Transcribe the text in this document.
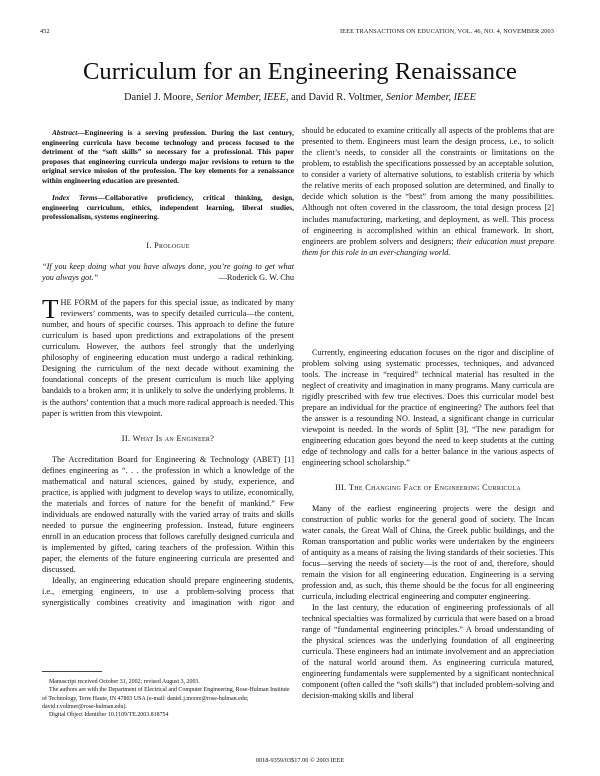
452	IEEE TRANSACTIONS ON EDUCATION, VOL. 46, NO. 4, NOVEMBER 2003
Curriculum for an Engineering Renaissance
Daniel J. Moore, Senior Member, IEEE, and David R. Voltmer, Senior Member, IEEE

Abstract—Engineering is a serving profession. During the last century, engineering curricula have become technology and process focused to the detriment of the “soft skills” so necessary for a professional. This paper proposes that engineering curricula undergo major revisions to return to the original service mission of the profession. The key elements for a renaissance within engineering education are presented.

Index Terms—Collaborative proficiency, critical thinking, design, engineering curriculum, ethics, independent learning, liberal studies, professionalism, systems engineering.

I. Prologue

“If you keep doing what you have always done, you’re going to get what you always got.”	—Roderick G. W. Chu

THE FORM of the papers for this special issue, as indicated by many reviewers’ comments, was to specify detailed curricula—the content, number, and hours of specific courses. This approach to define the future curriculum is based upon predictions and extrapolations of the present curriculum. However, the authors feel strongly that the underlying philosophy of engineering education must undergo a radical rethinking. Designing the curriculum of the next decade without examining the foundational concepts of the present curriculum is much like applying bandaids to a broken arm; it is unlikely to solve the underlying problems. It is the authors’ contention that a much more radical approach is needed. This paper is written from this viewpoint.

II. What Is an Engineer?

The Accreditation Board for Engineering & Technology (ABET) [1] defines engineering as “. . . the profession in which a knowledge of the mathematical and natural sciences, gained by study, experience, and practice, is applied with judgment to develop ways to utilize, economically, the materials and forces of nature for the benefit of mankind.” Few individuals are endowed naturally with the varied array of traits and skills needed to pursue the engineering profession. Instead, future engineers enroll in an education process that follows carefully designed curricula and is implemented by gifted, caring teachers of the profession. Within this paper, the elements of the future engineering curricula are presented and discussed.

Ideally, an engineering education should prepare engineering students, i.e., emerging engineers, to use a problem-solving process that synergistically combines creativity and imagination with rigor and

should be educated to examine critically all aspects of the problems that are presented to them. Engineers must learn the design process, i.e., to solicit the client’s needs, to consider all the constraints or limitations on the problem, to establish the specifications possessed by an acceptable solution, to consider a variety of alternative solutions, to establish criteria by which the relative merits of each proposed solution are determined, and finally to decide which solution is the “best” from among the many possibilities. Although not often covered in the classroom, the total design process [2] includes manufacturing, marketing, and deployment, as well. This process of engineering is accomplished within an ethical framework. In short, engineers are problem solvers and designers; their education must prepare them for this role in an ever-changing world.

Currently, engineering education focuses on the rigor and discipline of problem solving using systematic processes, techniques, and advanced tools. The increase in “required” technical material has resulted in the neglect of creativity and imagination in many programs. Many curricula are rigidly prescribed with few true electives. Does this curricular model best prepare an individual for the practice of engineering? The authors feel that the answer is a resounding NO. Instead, a significant change in curricular viewpoint is needed. In the words of Splitt [3], “The new paradigm for engineering education goes beyond the need to keep students at the cutting edge of technology and calls for a better balance in the various aspects of engineering school scholarship.”

III. The Changing Face of Engineering Curricula

Many of the earliest engineering projects were the design and construction of public works for the general good of society. The Incan water canals, the Great Wall of China, the Greek public buildings, and the Roman transportation and public works were undertaken by the engineers of antiquity as a means of raising the living standards of their societies. This focus—serving the needs of society—is the root of and, therefore, should remain the vision for all engineering education. Engineering is a serving profession and, as such, this theme should be the focus for all engineering curricula, including electrical engineering and computer engineering.

In the last century, the education of engineering professionals of all technical specialties was formalized by curricula that were based on a broad range of “fundamental engineering principles.” A broad understanding of the physical sciences was the underlying foundation of all engineering curricula. These engineers had an intimate involvement and an appreciation of the natural world around them. As engineering curricula matured, engineering fundamentals were supplemented by a significant nontechnical component (often called the “soft skills”) that included problem-solving and decision-making skills and liberal

Manuscript received October 31, 2002; revised August 3, 2003.

The authors are with the Department of Electrical and Computer Engineering, Rose-Hulman Institute of Technology, Terre Haute, IN 47803 USA (e-mail: daniel.j.moore@rose-hulman.edu; david.r.voltmer@rose-hulman.edu).

Digital Object Identifier 10.1109/TE.2003.818754

0018-9359/03$17.00 © 2003 IEEE
